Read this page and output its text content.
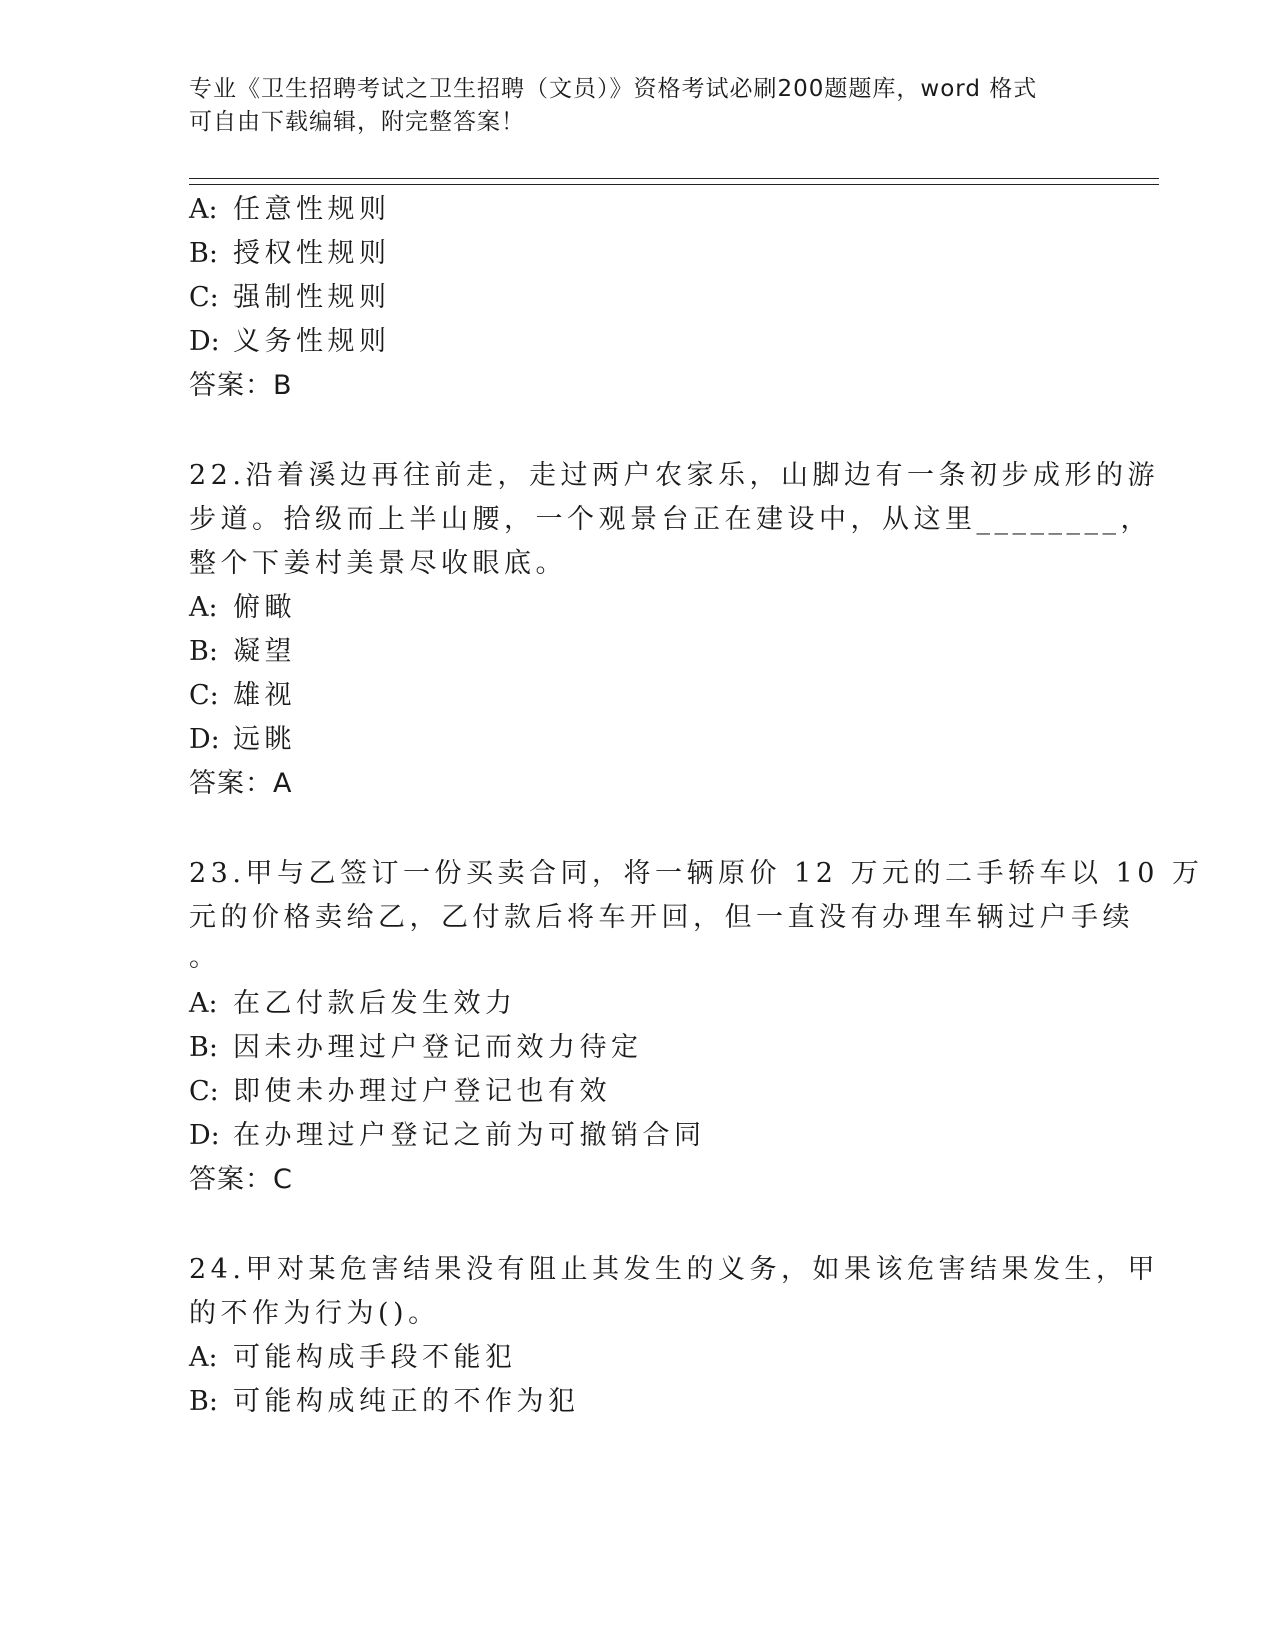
专业《卫生招聘考试之卫生招聘（文员）》资格考试必刷200题题库，word 格式
可自由下载编辑，附完整答案！
A: 任意性规则
B: 授权性规则
C: 强制性规则
D: 义务性规则
答案：B
22.沿着溪边再往前走，走过两户农家乐，山脚边有一条初步成形的游
步道。拾级而上半山腰，一个观景台正在建设中，从这里________，
整个下姜村美景尽收眼底。
A: 俯瞰
B: 凝望
C: 雄视
D: 远眺
答案：A
23.甲与乙签订一份买卖合同，将一辆原价 12 万元的二手轿车以 10 万
元的价格卖给乙，乙付款后将车开回，但一直没有办理车辆过户手续
。
A: 在乙付款后发生效力
B: 因未办理过户登记而效力待定
C: 即使未办理过户登记也有效
D: 在办理过户登记之前为可撤销合同
答案：C
24.甲对某危害结果没有阻止其发生的义务，如果该危害结果发生，甲
的不作为行为()。
A: 可能构成手段不能犯
B: 可能构成纯正的不作为犯
